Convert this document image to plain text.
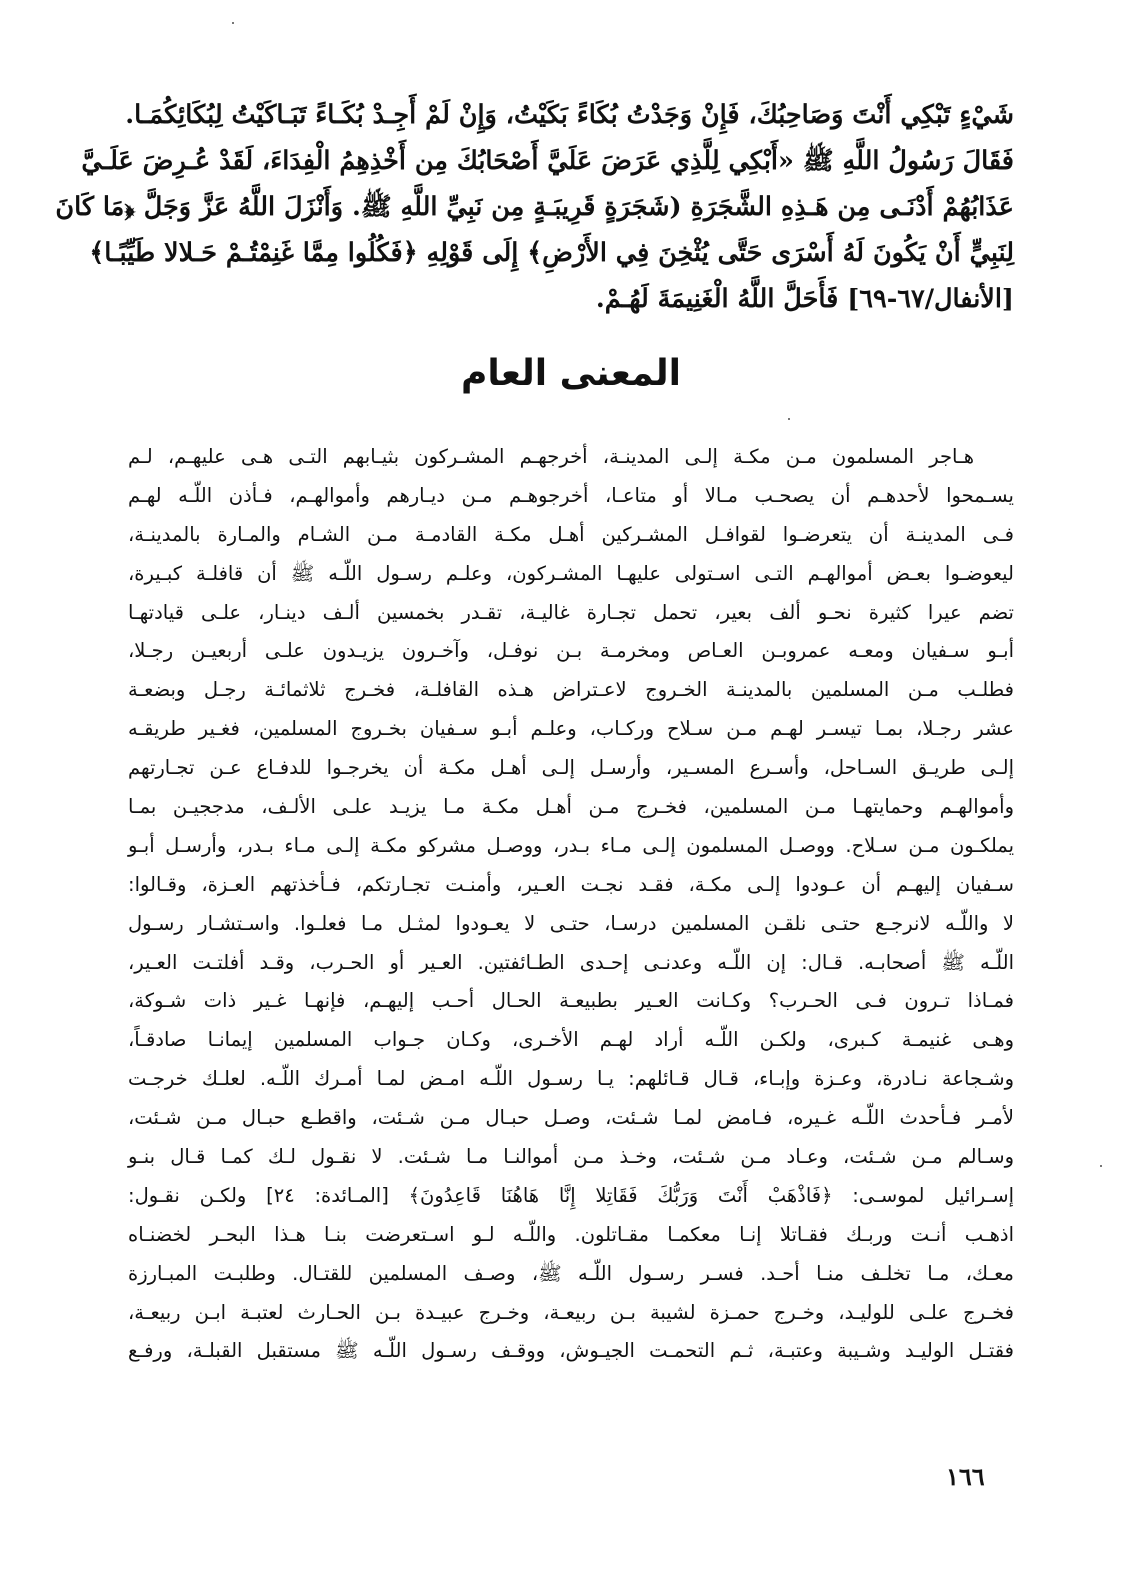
شَيْءٍ تَبْكِي أَنْتَ وَصَاحِبُكَ، فَإِنْ وَجَدْتُ بُكَاءً بَكَيْتُ، وَإِنْ لَمْ أَجِـدْ بُكَـاءً تَبَـاكَيْتُ لِبُكَائِكُمَـا.
فَقَالَ رَسُولُ اللَّهِ ﷺ «أَبْكِي لِلَّذِي عَرَضَ عَلَيَّ أَصْحَابُكَ مِن أَخْذِهِمُ الْفِدَاءَ، لَقَدْ عُـرِضَ عَلَـيَّ
عَذَابُهُمْ أَدْنَـى مِن هَـذِهِ الشَّجَرَةِ (شَجَرَةٍ قَرِيبَـةٍ مِن نَبِيِّ اللَّهِ ﷺ. وَأَنْزَلَ اللَّهُ عَزَّ وَجَلَّ ﴿مَا كَانَ
لِنَبِيٍّ أَنْ يَكُونَ لَهُ أَسْرَى حَتَّى يُثْخِنَ فِي الأَرْضِ﴾ إِلَى قَوْلِهِ ﴿فَكُلُوا مِمَّا غَنِمْتُـمْ حَـلالا طَيِّبًـا﴾
[الأنفال/٦٧-٦٩] فَأَحَلَّ اللَّهُ الْغَنِيمَةَ لَهُـمْ.
المعنى العام
هـاجر المسلمون مـن مكـة إلـى المدينـة، أخرجهـم المشـركون بثيـابهم التـى هـى عليهـم، لـم
يسـمحوا لأحدهـم أن يصحـب مـالا أو متاعـا، أخرجوهـم مـن ديـارهم وأموالهـم، فـأذن اللّـه لهـم
فـى المدينـة أن يتعرضـوا لقوافـل المشـركين أهـل مكـة القادمـة مـن الشـام والمـارة بالمدينـة،
ليعوضـوا بعـض أموالهـم التـى اسـتولى عليهـا المشـركون، وعلـم رسـول اللّـه ﷺ أن قافلـة كبـيرة،
تضم عيرا كثيرة نحـو ألف بعير، تحمل تجـارة غاليـة، تقـدر بخمسين ألـف دينـار، علـى قيادتهـا
أبـو سـفيان ومعـه عمروبـن العـاص ومخرمـة بـن نوفـل، وآخـرون يزيـدون علـى أربعيـن رجـلا،
فطلـب مـن المسلمين بالمدينـة الخـروج لاعـتراض هـذه القافلـة، فخـرج ثلاثمائـة رجـل وبضعـة
عشر رجـلا، بمـا تيسـر لهـم مـن سـلاح وركـاب، وعلـم أبـو سـفيان بخـروج المسلمين، فغـير طريقـه
إلـى طريـق السـاحل، وأسـرع المسـير، وأرسـل إلـى أهـل مكـة أن يخرجـوا للدفـاع عـن تجـارتهم
وأموالهـم وحمايتهـا مـن المسلمين، فخـرج مـن أهـل مكـة مـا يزيـد علـى الألـف، مدججيـن بمـا
يملكـون مـن سـلاح. ووصـل المسلمون إلـى مـاء بـدر، ووصـل مشركو مكـة إلـى مـاء بـدر، وأرسـل أبـو
سـفيان إليهـم أن عـودوا إلـى مكـة، فقـد نجـت العـير، وأمنـت تجـارتكم، فـأخذتهم العـزة، وقـالوا:
لا واللّـه لانرجـع حتـى نلقـن المسلمين درسـا، حتـى لا يعـودوا لمثـل مـا فعلـوا. واسـتشـار رسـول
اللّـه ﷺ أصحابـه. قـال: إن اللّـه وعدنـى إحـدى الطـائفتين. العـير أو الحـرب، وقـد أفلتـت العـير،
فمـاذا تـرون فـى الحـرب؟ وكـانت العـير بطبيعـة الحـال أحـب إليهـم، فإنهـا غـير ذات شـوكة،
وهـى غنيمـة كـبرى، ولكـن اللّـه أراد لهـم الأخـرى، وكـان جـواب المسلمين إيمانـا صادقـاً،
وشـجاعة نـادرة، وعـزة وإبـاء، قـال قـائلهم: يـا رسـول اللّـه امـض لمـا أمـرك اللّـه. لعلـك خرجـت
لأمـر فـأحدث اللّـه غـيره، فـامض لمـا شـئت، وصـل حبـال مـن شـئت، واقطـع حبـال مـن شـئت،
وسـالم مـن شـئت، وعـاد مـن شـئت، وخـذ مـن أموالنـا مـا شـئت. لا نقـول لـك كمـا قـال بنـو
إسـرائيل لموسـى: ﴿فَاذْهَبْ أَنْتَ وَرَبُّكَ فَقَاتِلا إِنَّا هَاهُنَا قَاعِدُونَ﴾ [المـائدة: ٢٤] ولكـن نقـول:
اذهـب أنـت وربـك فقـاتلا إنـا معكمـا مقـاتلون. واللّـه لـو اسـتعرضت بنـا هـذا البحـر لخضنـاه
معـك، مـا تخلـف منـا أحـد. فسـر رسـول اللّـه ﷺ، وصـف المسلمين للقتـال. وطلبـت المبـارزة
فخـرج علـى للوليـد، وخـرج حمـزة لشيبة بـن ربيعـة، وخـرج عبيـدة بـن الحـارث لعتبـة ابـن ربيعـة،
فقتـل الوليـد وشـيبة وعتبـة، ثـم التحمـت الجيـوش، ووقـف رسـول اللّـه ﷺ مستقبل القبلـة، ورفـع
١٦٦
